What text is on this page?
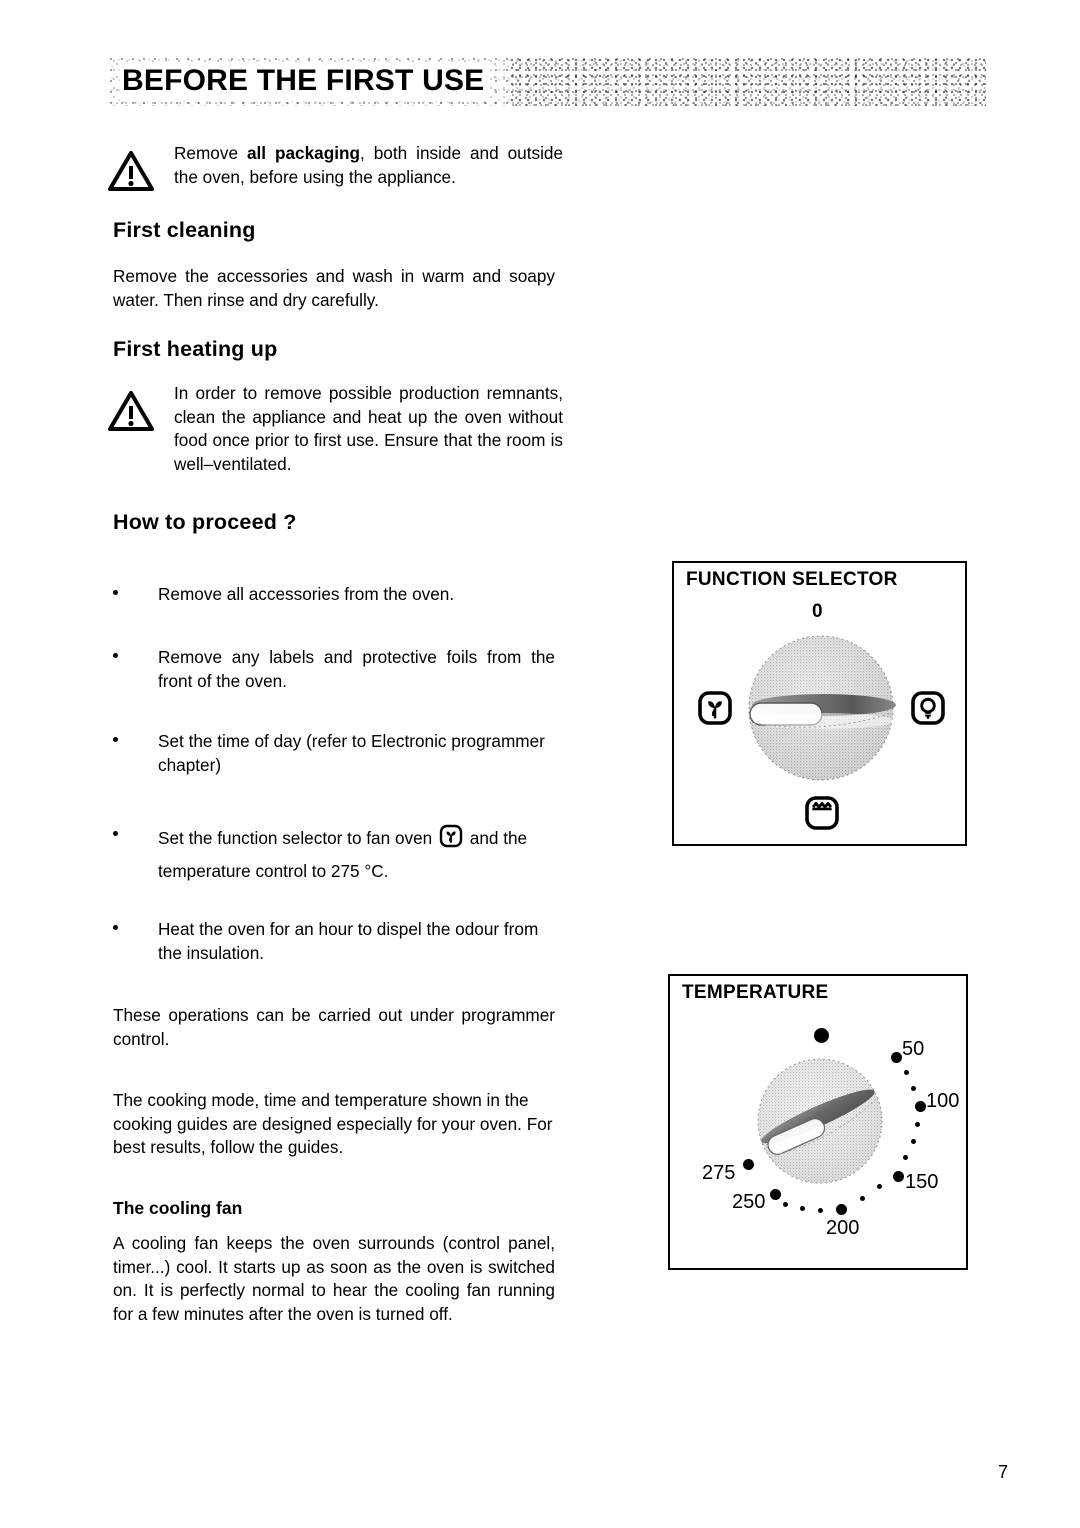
BEFORE THE FIRST USE
Remove all packaging, both inside and outside the oven, before using the appliance.
First cleaning
Remove the accessories and wash in warm and soapy water. Then rinse and dry carefully.
First heating up
In order to remove possible production remnants, clean the appliance and heat up the oven without food once prior to first use. Ensure that the room is well–ventilated.
How to proceed ?
Remove all accessories from the oven.
Remove any labels and protective foils from the front of the oven.
Set the time of day (refer to Electronic programmer chapter)
Set the function selector to fan oven  and the temperature control to 275 °C.
Heat the oven for an hour to dispel the odour from the insulation.
These operations can be carried out under programmer control.
The cooking mode, time and temperature shown in the cooking guides are designed especially for your oven. For best results, follow the guides.
The cooling fan
A cooling fan keeps the oven surrounds (control panel, timer...) cool. It starts up as soon as the oven is switched on. It is perfectly normal to hear the cooling fan running for a few minutes after the oven is turned off.
FUNCTION SELECTOR
0
TEMPERATURE
50
100
150
200
250
275
7
